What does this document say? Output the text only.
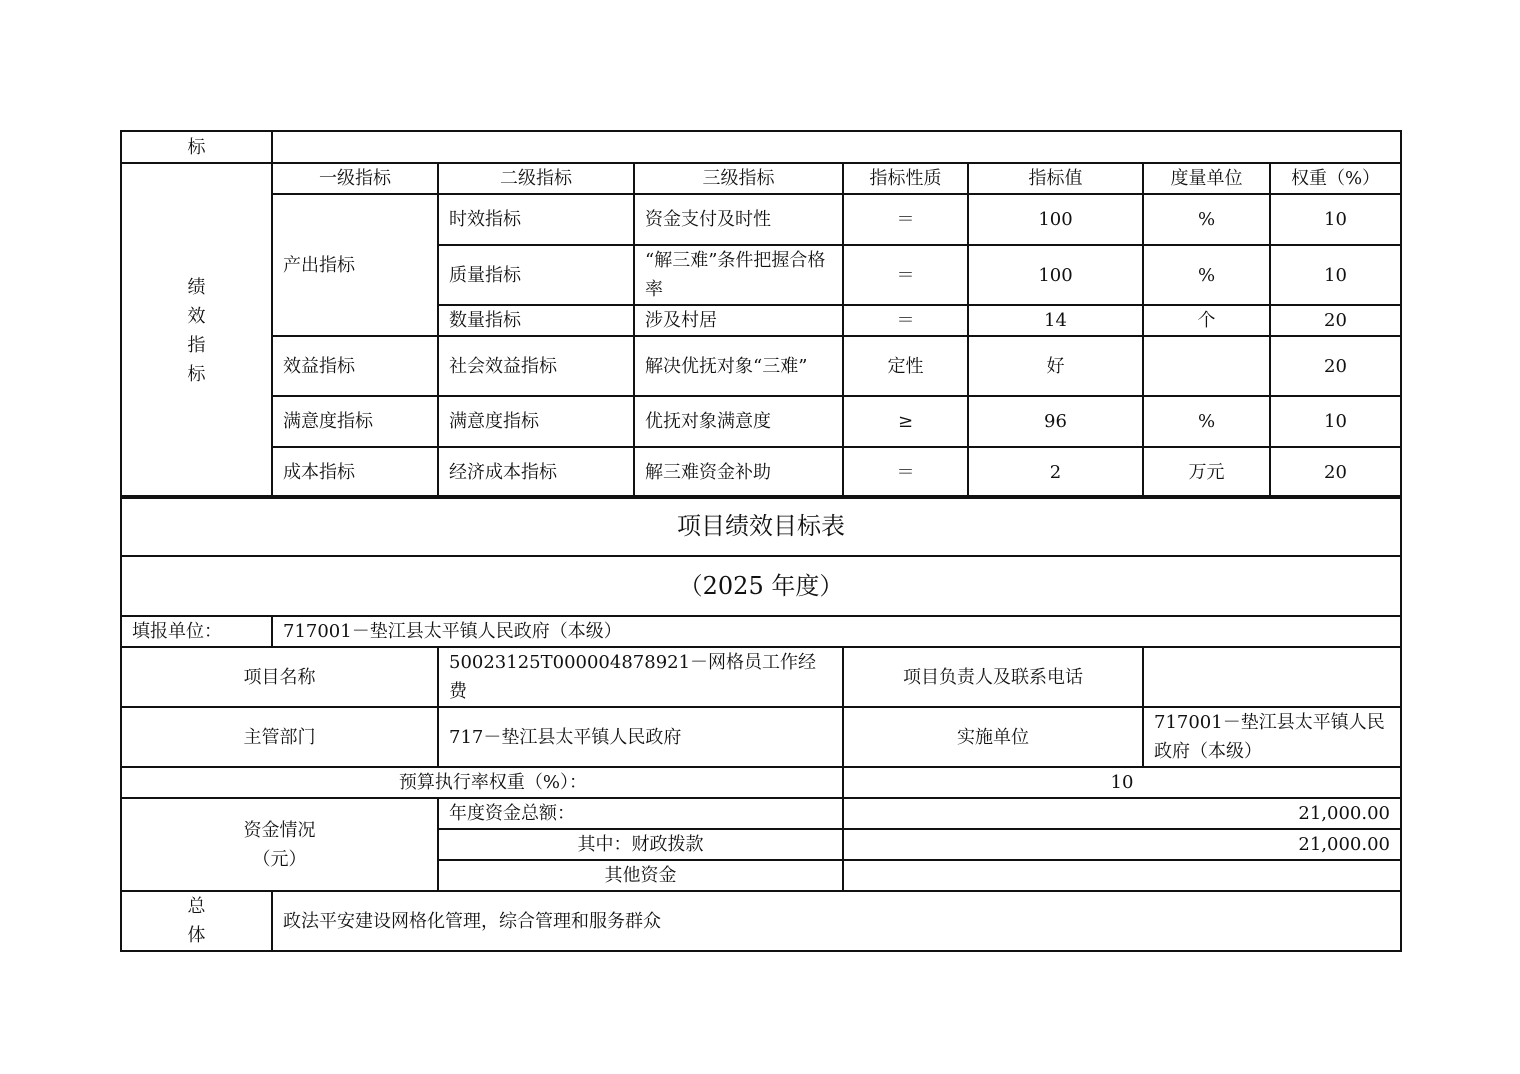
标							

绩
效
指
标	一级指标	二级指标	三级指标	指标性质	指标值	度量单位	权重（%）
	产出指标	时效指标	资金支付及时性	＝	100	%	10
		质量指标	“解三难”条件把握合格率	＝	100	%	10
		数量指标	涉及村居	＝	14	个	20
	效益指标	社会效益指标	解决优抚对象“三难”	定性	好		20
	满意度指标	满意度指标	优抚对象满意度	≥	96	%	10
	成本指标	经济成本指标	解三难资金补助	＝	2	万元	20
项目绩效目标表				
（2025 年度）				
填报单位：	717001－垫江县太平镇人民政府（本级）			
项目名称		50023125T000004878921－网格员工作经费	项目负责人及联系电话	
主管部门		717－垫江县太平镇人民政府	实施单位	717001－垫江县太平镇人民政府（本级）
预算执行率权重（%）：			10	

资金情况
（元）		年度资金总额：	21,000.00	
		其中：财政拨款	21,000.00	
		其他资金		

总
体	政法平安建设网格化管理，综合管理和服务群众			
